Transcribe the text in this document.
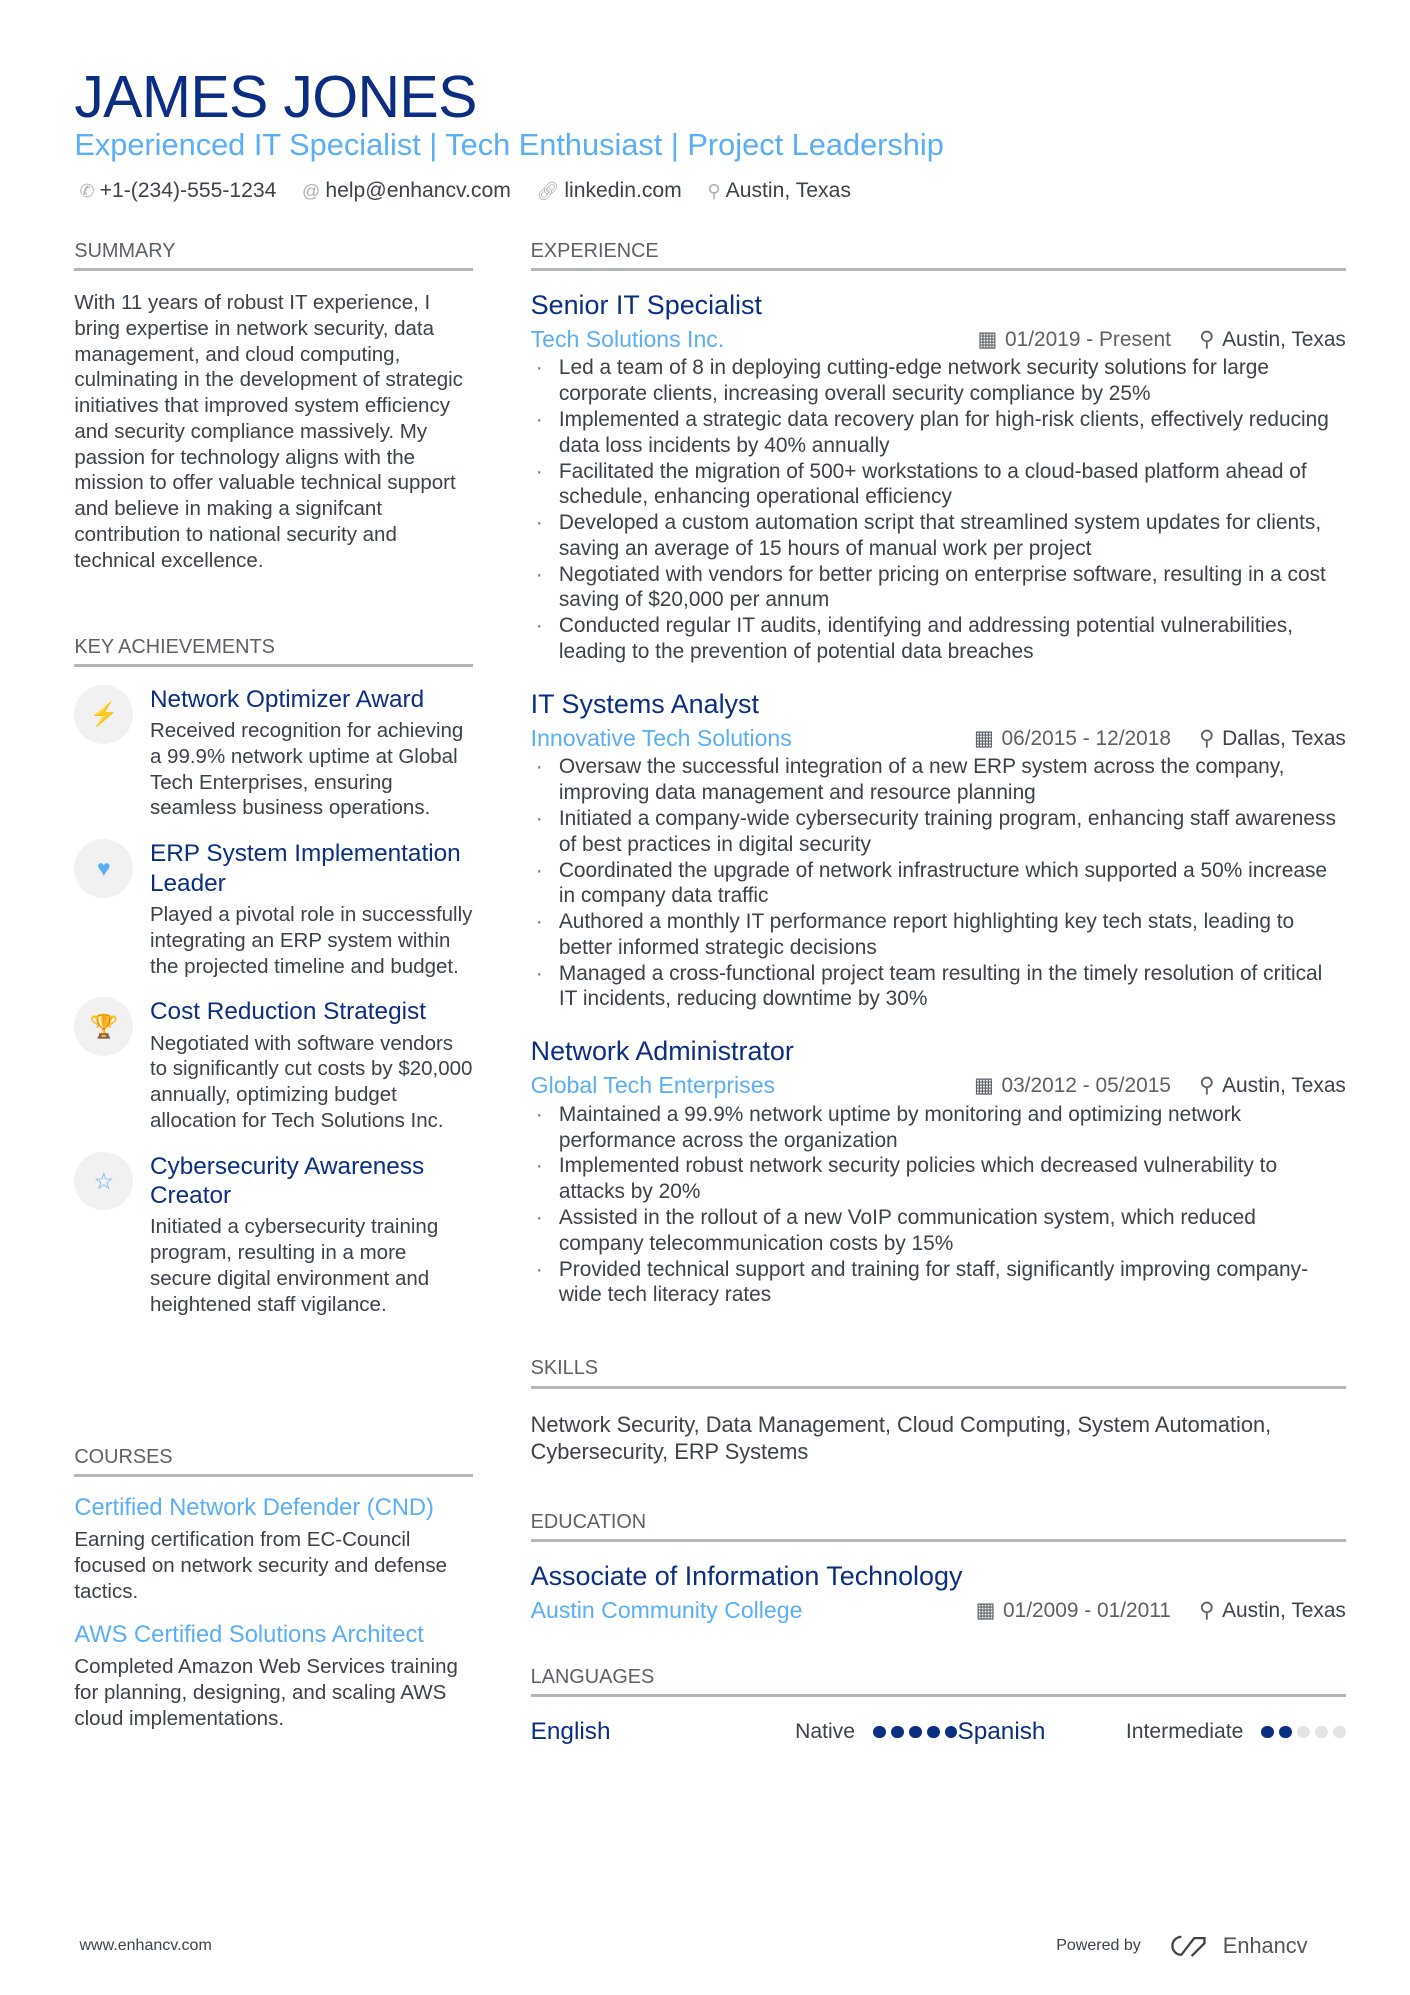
JAMES JONES
Experienced IT Specialist | Tech Enthusiast | Project Leadership
✆ +1-(234)-555-1234 @ help@enhancv.com 🔗︎ linkedin.com ⚲ Austin, Texas
SUMMARY
With 11 years of robust IT experience, I bring expertise in network security, data management, and cloud computing, culminating in the development of strategic initiatives that improved system efficiency and security compliance massively. My passion for technology aligns with the mission to offer valuable technical support and believe in making a signifcant contribution to national security and technical excellence.
KEY ACHIEVEMENTS
⚡
Network Optimizer Award
Received recognition for achieving a 99.9% network uptime at Global Tech Enterprises, ensuring seamless business operations.
♥
ERP System Implementation Leader
Played a pivotal role in successfully integrating an ERP system within the projected timeline and budget.
🏆
Cost Reduction Strategist
Negotiated with software vendors to significantly cut costs by $20,000 annually, optimizing budget allocation for Tech Solutions Inc.
☆
Cybersecurity Awareness Creator
Initiated a cybersecurity training program, resulting in a more secure digital environment and heightened staff vigilance.
COURSES
Certified Network Defender (CND)
Earning certification from EC-Council focused on network security and defense tactics.
AWS Certified Solutions Architect
Completed Amazon Web Services training for planning, designing, and scaling AWS cloud implementations.
EXPERIENCE
Senior IT Specialist
Tech Solutions Inc.	▦ 01/2019 - Present ⚲ Austin, Texas
· Led a team of 8 in deploying cutting-edge network security solutions for large corporate clients, increasing overall security compliance by 25%
· Implemented a strategic data recovery plan for high-risk clients, effectively reducing data loss incidents by 40% annually
· Facilitated the migration of 500+ workstations to a cloud-based platform ahead of schedule, enhancing operational efficiency
· Developed a custom automation script that streamlined system updates for clients, saving an average of 15 hours of manual work per project
· Negotiated with vendors for better pricing on enterprise software, resulting in a cost saving of $20,000 per annum
· Conducted regular IT audits, identifying and addressing potential vulnerabilities, leading to the prevention of potential data breaches
IT Systems Analyst
Innovative Tech Solutions	▦ 06/2015 - 12/2018 ⚲ Dallas, Texas
· Oversaw the successful integration of a new ERP system across the company, improving data management and resource planning
· Initiated a company-wide cybersecurity training program, enhancing staff awareness of best practices in digital security
· Coordinated the upgrade of network infrastructure which supported a 50% increase in company data traffic
· Authored a monthly IT performance report highlighting key tech stats, leading to better informed strategic decisions
· Managed a cross-functional project team resulting in the timely resolution of critical IT incidents, reducing downtime by 30%
Network Administrator
Global Tech Enterprises	▦ 03/2012 - 05/2015 ⚲ Austin, Texas
· Maintained a 99.9% network uptime by monitoring and optimizing network performance across the organization
· Implemented robust network security policies which decreased vulnerability to attacks by 20%
· Assisted in the rollout of a new VoIP communication system, which reduced company telecommunication costs by 15%
· Provided technical support and training for staff, significantly improving company-wide tech literacy rates
SKILLS
Network Security, Data Management, Cloud Computing, System Automation, Cybersecurity, ERP Systems
EDUCATION
Associate of Information Technology
Austin Community College	▦ 01/2009 - 01/2011 ⚲ Austin, Texas
LANGUAGES
English	Native	Spanish	Intermediate
www.enhancv.com	Powered by	Enhancv
